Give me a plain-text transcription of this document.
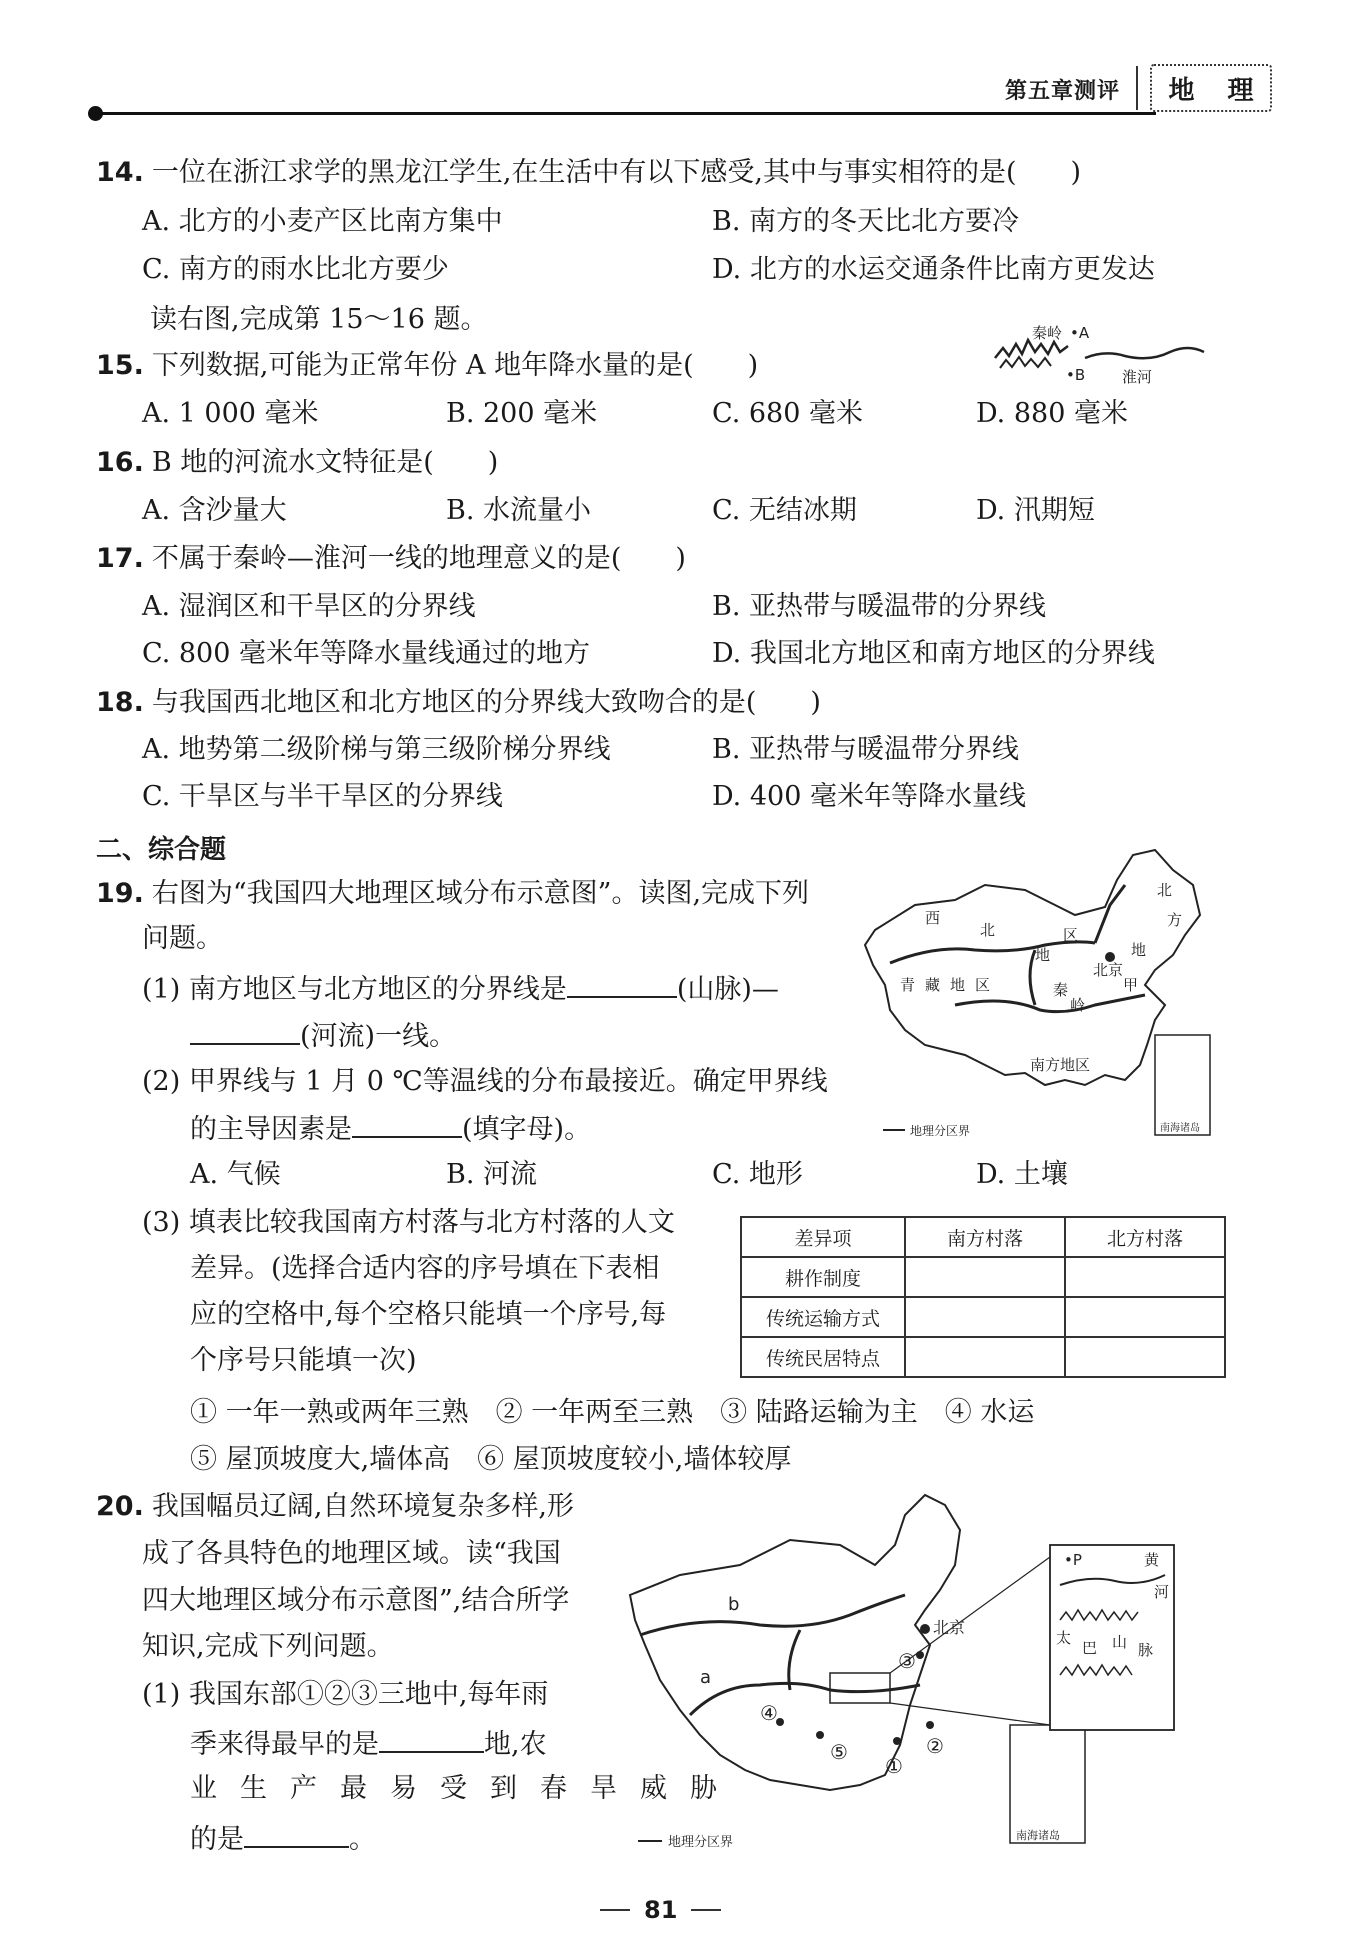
第五章测评 地 理
14. 一位在浙江求学的黑龙江学生,在生活中有以下感受,其中与事实相符的是(　　)
A. 北方的小麦产区比南方集中	B. 南方的冬天比北方要冷
C. 南方的雨水比北方要少	D. 北方的水运交通条件比南方更发达
读右图,完成第 15～16 题。	秦岭 •A
•B 淮河
15. 下列数据,可能为正常年份 A 地年降水量的是(　　)
A. 1 000 毫米	B. 200 毫米	C. 680 毫米	D. 880 毫米
16. B 地的河流水文特征是(　　)
A. 含沙量大	B. 水流量小	C. 无结冰期	D. 汛期短
17. 不属于秦岭—淮河一线的地理意义的是(　　)
A. 湿润区和干旱区的分界线	B. 亚热带与暖温带的分界线
C. 800 毫米年等降水量线通过的地方	D. 我国北方地区和南方地区的分界线
18. 与我国西北地区和北方地区的分界线大致吻合的是(　　)
A. 地势第二级阶梯与第三级阶梯分界线	B. 亚热带与暖温带分界线
C. 干旱区与半干旱区的分界线	D. 400 毫米年等降水量线
二、综合题
19. 右图为“我国四大地理区域分布示意图”。读图,完成下列
问题。
(1) 南方地区与北方地区的分界线是	(山脉)—
(河流)一线。
(2) 甲界线与 1 月 0 ℃等温线的分布最接近。确定甲界线
的主导因素是	(填字母)。
A. 气候	B. 河流	C. 地形	D. 土壤
(3) 填表比较我国南方村落与北方村落的人文
差异。(选择合适内容的序号填在下表相
应的空格中,每个空格只能填一个序号,每
个序号只能填一次)
① 一年一熟或两年三熟　② 一年两至三熟　③ 陆路运输为主　④ 水运
⑤ 屋顶坡度大,墙体高　⑥ 屋顶坡度较小,墙体较厚
差异项	南方村落	北方村落
耕作制度		
传统运输方式		
传统民居特点		
西
北
地
区
北
方
地
北京
青 藏 地 区	秦
岭
甲
南方地区
地理分区界	南海诸岛
20. 我国幅员辽阔,自然环境复杂多样,形
成了各具特色的地理区域。读“我国
四大地理区域分布示意图”,结合所学
知识,完成下列问题。
(1) 我国东部①②③三地中,每年雨
季来得最早的是	地,农
业　生　产　最　易　受　到　春　旱　威　胁
的是	。
b
a
北京
③
②
①
⑤
④
地理分区界	南海诸岛
•P	黄
河
太
巴 山 脉
81
